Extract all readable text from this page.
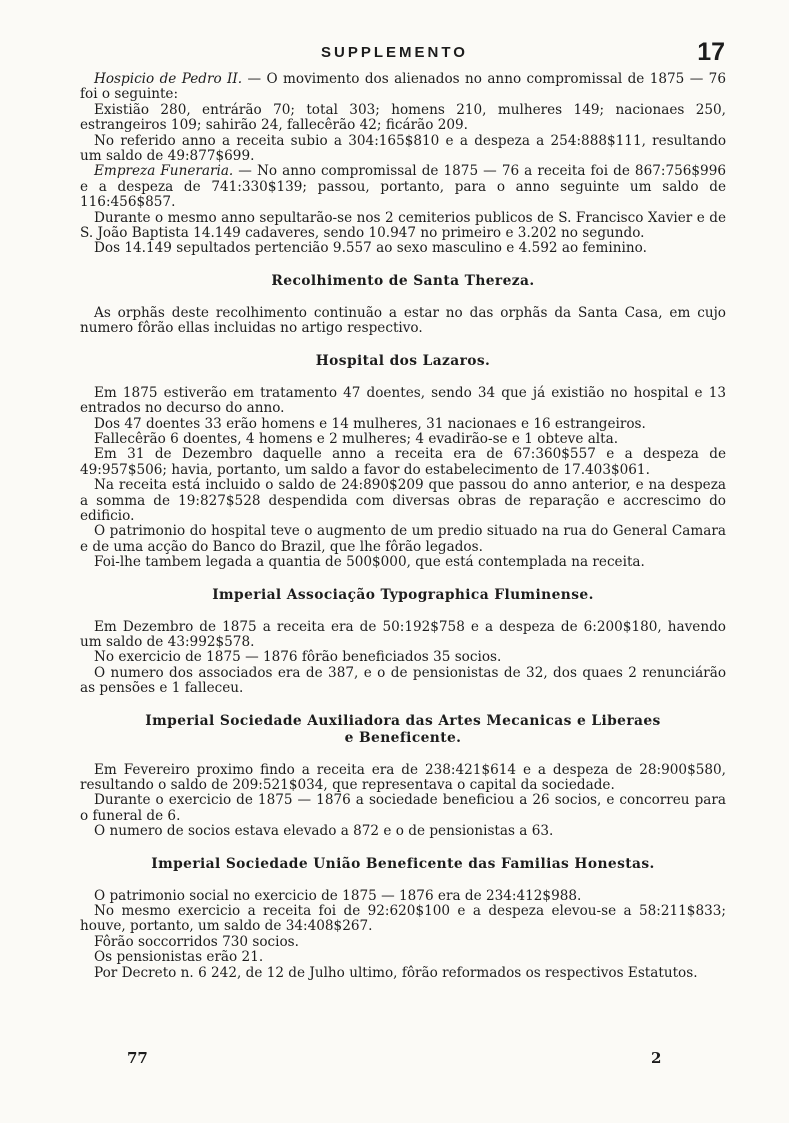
SUPPLEMENTO	17

Hospicio de Pedro II. — O movimento dos alienados no anno compromissal de 1875 — 76 foi o seguinte:

Existião 280, entrárão 70; total 303; homens 210, mulheres 149; nacionaes 250, estrangeiros 109; sahirão 24, fallecêrão 42; ficárão 209.

No referido anno a receita subio a 304:165$810 e a despeza a 254:888$111, resultando um saldo de 49:877$699.

Empreza Funeraria. — No anno compromissal de 1875 — 76 a receita foi de 867:756$996 e a despeza de 741:330$139; passou, portanto, para o anno seguinte um saldo de 116:456$857.

Durante o mesmo anno sepultarão-se nos 2 cemiterios publicos de S. Francisco Xavier e de S. João Baptista 14.149 cadaveres, sendo 10.947 no primeiro e 3.202 no segundo.

Dos 14.149 sepultados pertencião 9.557 ao sexo masculino e 4.592 ao feminino.

Recolhimento de Santa Thereza.

As orphãs deste recolhimento continuão a estar no das orphãs da Santa Casa, em cujo numero fôrão ellas incluidas no artigo respectivo.

Hospital dos Lazaros.

Em 1875 estiverão em tratamento 47 doentes, sendo 34 que já existião no hospital e 13 entrados no decurso do anno.

Dos 47 doentes 33 erão homens e 14 mulheres, 31 nacionaes e 16 estrangeiros.

Fallecêrão 6 doentes, 4 homens e 2 mulheres; 4 evadirão-se e 1 obteve alta.

Em 31 de Dezembro daquelle anno a receita era de 67:360$557 e a despeza de 49:957$506; havia, portanto, um saldo a favor do estabelecimento de 17.403$061.

Na receita está incluido o saldo de 24:890$209 que passou do anno anterior, e na despeza a somma de 19:827$528 despendida com diversas obras de reparação e accrescimo do edificio.

O patrimonio do hospital teve o augmento de um predio situado na rua do General Camara e de uma acção do Banco do Brazil, que lhe fôrão legados.

Foi-lhe tambem legada a quantia de 500$000, que está contemplada na receita.

Imperial Associação Typographica Fluminense.

Em Dezembro de 1875 a receita era de 50:192$758 e a despeza de 6:200$180, havendo um saldo de 43:992$578.

No exercicio de 1875 — 1876 fôrão beneficiados 35 socios.

O numero dos associados era de 387, e o de pensionistas de 32, dos quaes 2 renunciárão as pensões e 1 falleceu.

Imperial Sociedade Auxiliadora das Artes Mecanicas e Liberaes

e Beneficente.

Em Fevereiro proximo findo a receita era de 238:421$614 e a despeza de 28:900$580, resultando o saldo de 209:521$034, que representava o capital da sociedade.

Durante o exercicio de 1875 — 1876 a sociedade beneficiou a 26 socios, e concorreu para o funeral de 6.

O numero de socios estava elevado a 872 e o de pensionistas a 63.

Imperial Sociedade União Beneficente das Familias Honestas.

O patrimonio social no exercicio de 1875 — 1876 era de 234:412$988.

No mesmo exercicio a receita foi de 92:620$100 e a despeza elevou-se a 58:211$833; houve, portanto, um saldo de 34:408$267.

Fôrão soccorridos 730 socios.

Os pensionistas erão 21.

Por Decreto n. 6 242, de 12 de Julho ultimo, fôrão reformados os respectivos Estatutos.

77	2
